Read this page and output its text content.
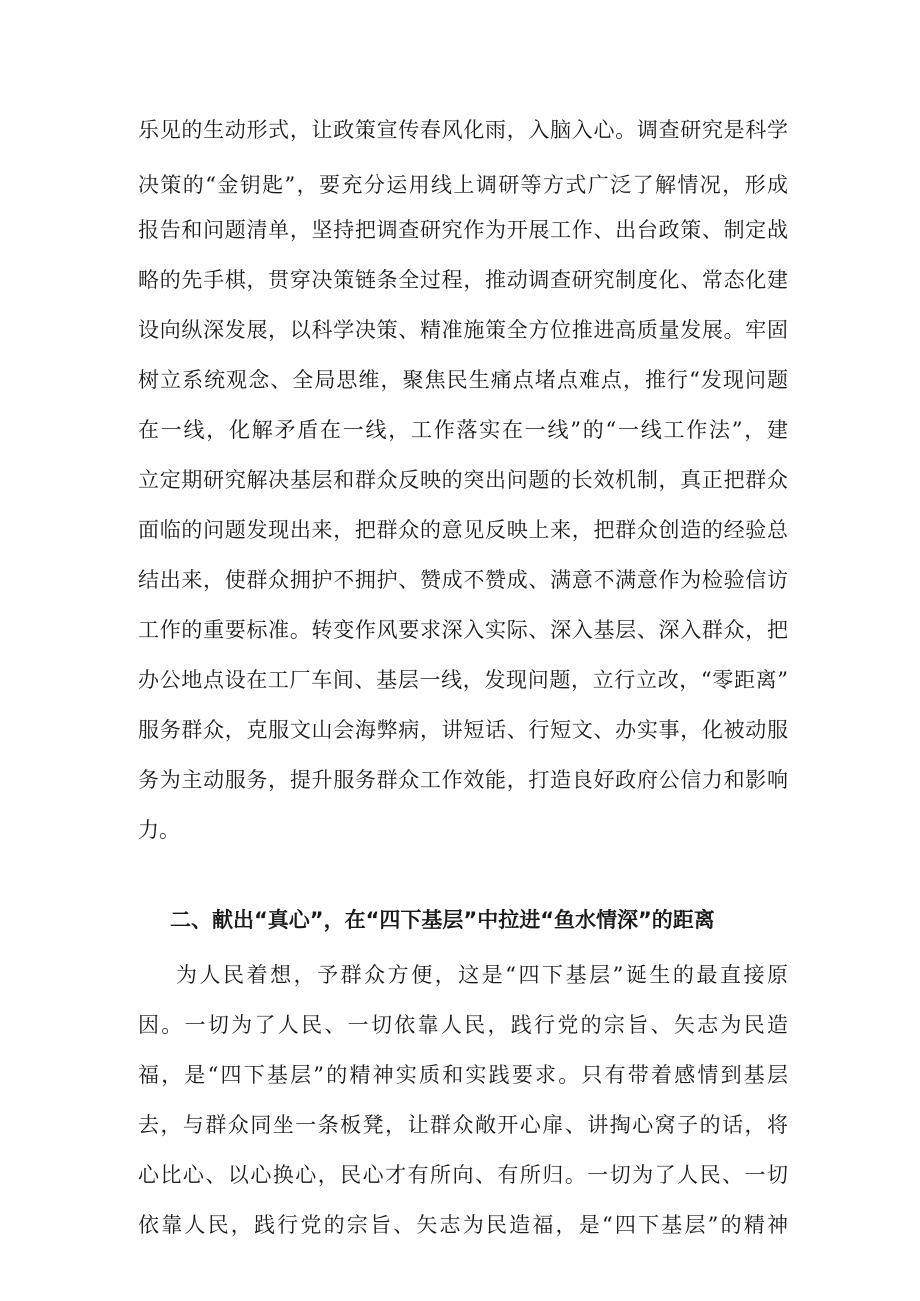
乐见的生动形式，让政策宣传春风化雨，入脑入心。调查研究是科学
决策的“金钥匙”，要充分运用线上调研等方式广泛了解情况，形成
报告和问题清单，坚持把调查研究作为开展工作、出台政策、制定战
略的先手棋，贯穿决策链条全过程，推动调查研究制度化、常态化建
设向纵深发展，以科学决策、精准施策全方位推进高质量发展。牢固
树立系统观念、全局思维，聚焦民生痛点堵点难点，推行“发现问题
在一线，化解矛盾在一线，工作落实在一线”的“一线工作法”，建
立定期研究解决基层和群众反映的突出问题的长效机制，真正把群众
面临的问题发现出来，把群众的意见反映上来，把群众创造的经验总
结出来，使群众拥护不拥护、赞成不赞成、满意不满意作为检验信访
工作的重要标准。转变作风要求深入实际、深入基层、深入群众，把
办公地点设在工厂车间、基层一线，发现问题，立行立改，“零距离”
服务群众，克服文山会海弊病，讲短话、行短文、办实事，化被动服
务为主动服务，提升服务群众工作效能，打造良好政府公信力和影响
力。
二、献出“真心”，在“四下基层”中拉进“鱼水情深”的距离
为人民着想，予群众方便，这是“四下基层”诞生的最直接原
因。一切为了人民、一切依靠人民，践行党的宗旨、矢志为民造
福，是“四下基层”的精神实质和实践要求。只有带着感情到基层
去，与群众同坐一条板凳，让群众敞开心扉、讲掏心窝子的话，将
心比心、以心换心，民心才有所向、有所归。一切为了人民、一切
依靠人民，践行党的宗旨、矢志为民造福，是“四下基层”的精神
